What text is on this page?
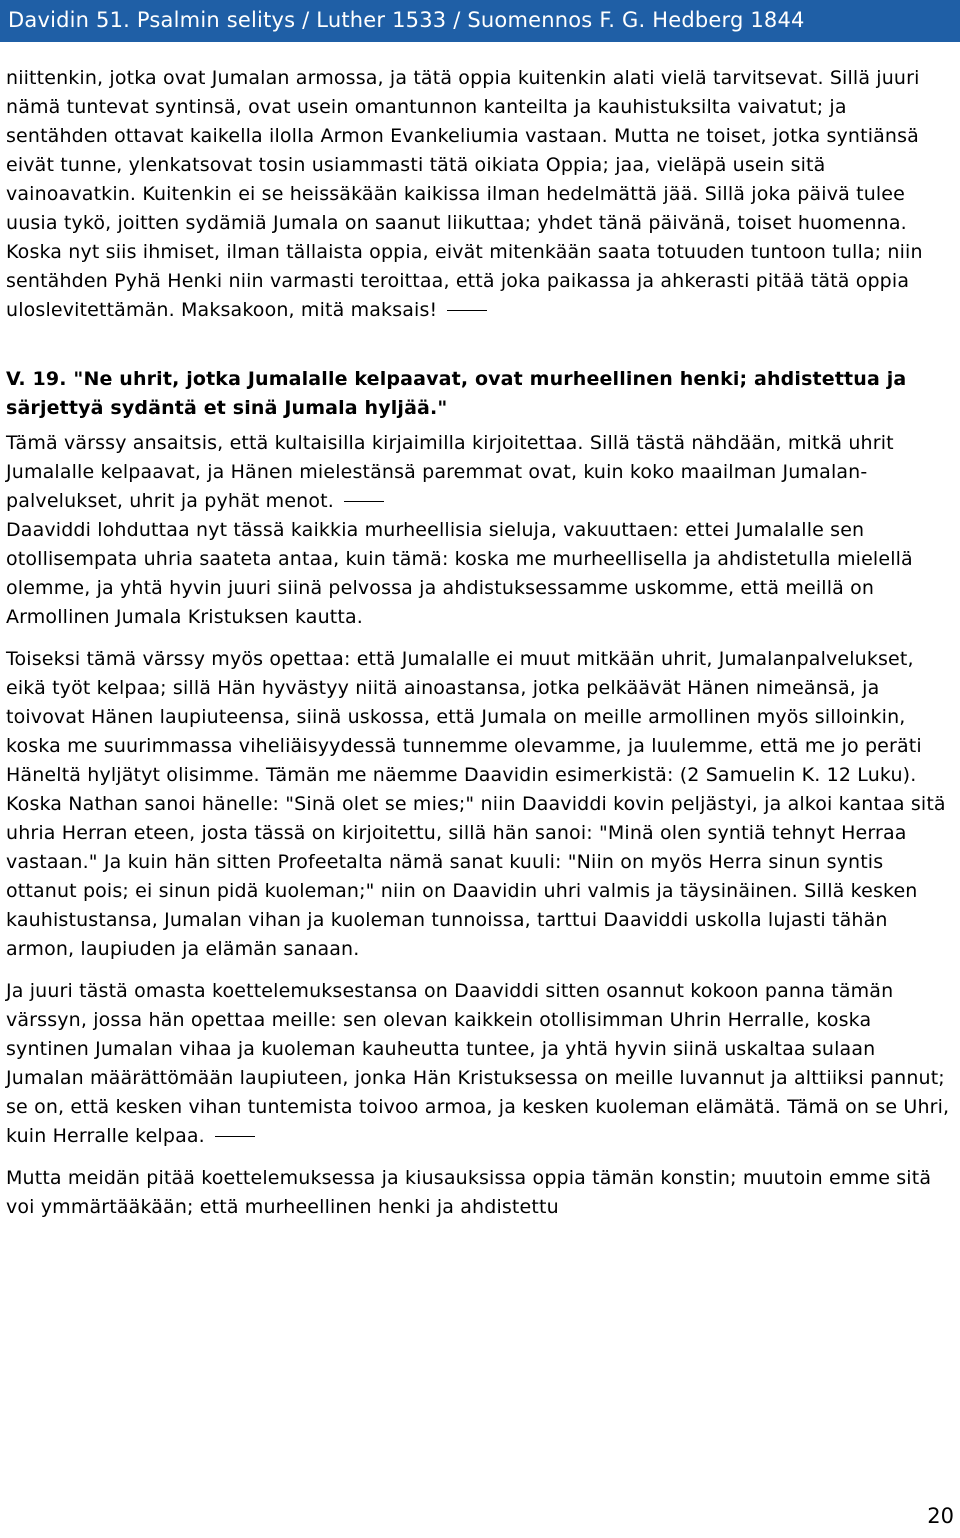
Davidin 51. Psalmin selitys / Luther 1533 / Suomennos F. G. Hedberg 1844

niittenkin, jotka ovat Jumalan armossa, ja tätä oppia kuitenkin alati vielä tarvitsevat. Sillä juuri nämä tuntevat syntinsä, ovat usein omantunnon kanteilta ja kauhistuksilta vaivatut; ja sentähden ottavat kaikella ilolla Armon Evankeliumia vastaan. Mutta ne toiset, jotka syntiänsä eivät tunne, ylenkatsovat tosin usiammasti tätä oikiata Oppia; jaa, vieläpä usein sitä vainoavatkin. Kuitenkin ei se heissäkään kaikissa ilman hedelmättä jää. Sillä joka päivä tulee uusia tykö, joitten sydämiä Jumala on saanut liikuttaa; yhdet tänä päivänä, toiset huomenna. Koska nyt siis ihmiset, ilman tällaista oppia, eivät mitenkään saata totuuden tuntoon tulla; niin sentähden Pyhä Henki niin varmasti teroittaa, että joka paikassa ja ahkerasti pitää tätä oppia uloslevitettämän. Maksakoon, mitä maksais!

V. 19. "Ne uhrit, jotka Jumalalle kelpaavat, ovat murheellinen henki; ahdistettua ja särjettyä sydäntä et sinä Jumala hyljää."

Tämä värssy ansaitsis, että kultaisilla kirjaimilla kirjoitettaa. Sillä tästä nähdään, mitkä uhrit Jumalalle kelpaavat, ja Hänen mielestänsä paremmat ovat, kuin koko maailman Jumalan-palvelukset, uhrit ja pyhät menot.

Daaviddi lohduttaa nyt tässä kaikkia murheellisia sieluja, vakuuttaen: ettei Jumalalle sen otollisempata uhria saateta antaa, kuin tämä: koska me murheellisella ja ahdistetulla mielellä olemme, ja yhtä hyvin juuri siinä pelvossa ja ahdistuksessamme uskomme, että meillä on Armollinen Jumala Kristuksen kautta.

Toiseksi tämä värssy myös opettaa: että Jumalalle ei muut mitkään uhrit, Jumalanpalvelukset, eikä työt kelpaa; sillä Hän hyvästyy niitä ainoastansa, jotka pelkäävät Hänen nimeänsä, ja toivovat Hänen laupiuteensa, siinä uskossa, että Jumala on meille armollinen myös silloinkin, koska me suurimmassa viheliäisyydessä tunnemme olevamme, ja luulemme, että me jo peräti Häneltä hyljätyt olisimme. Tämän me näemme Daavidin esimerkistä: (2 Samuelin K. 12 Luku). Koska Nathan sanoi hänelle: "Sinä olet se mies;" niin Daaviddi kovin peljästyi, ja alkoi kantaa sitä uhria Herran eteen, josta tässä on kirjoitettu, sillä hän sanoi: "Minä olen syntiä tehnyt Herraa vastaan." Ja kuin hän sitten Profeetalta nämä sanat kuuli: "Niin on myös Herra sinun syntis ottanut pois; ei sinun pidä kuoleman;" niin on Daavidin uhri valmis ja täysinäinen. Sillä kesken kauhistustansa, Jumalan vihan ja kuoleman tunnoissa, tarttui Daaviddi uskolla lujasti tähän armon, laupiuden ja elämän sanaan.

Ja juuri tästä omasta koettelemuksestansa on Daaviddi sitten osannut kokoon panna tämän värssyn, jossa hän opettaa meille: sen olevan kaikkein otollisimman Uhrin Herralle, koska syntinen Jumalan vihaa ja kuoleman kauheutta tuntee, ja yhtä hyvin siinä uskaltaa sulaan Jumalan määrättömään laupiuteen, jonka Hän Kristuksessa on meille luvannut ja alttiiksi pannut; se on, että kesken vihan tuntemista toivoo armoa, ja kesken kuoleman elämätä. Tämä on se Uhri, kuin Herralle kelpaa.

Mutta meidän pitää koettelemuksessa ja kiusauksissa oppia tämän konstin; muutoin emme sitä voi ymmärtääkään; että murheellinen henki ja ahdistettu

20
